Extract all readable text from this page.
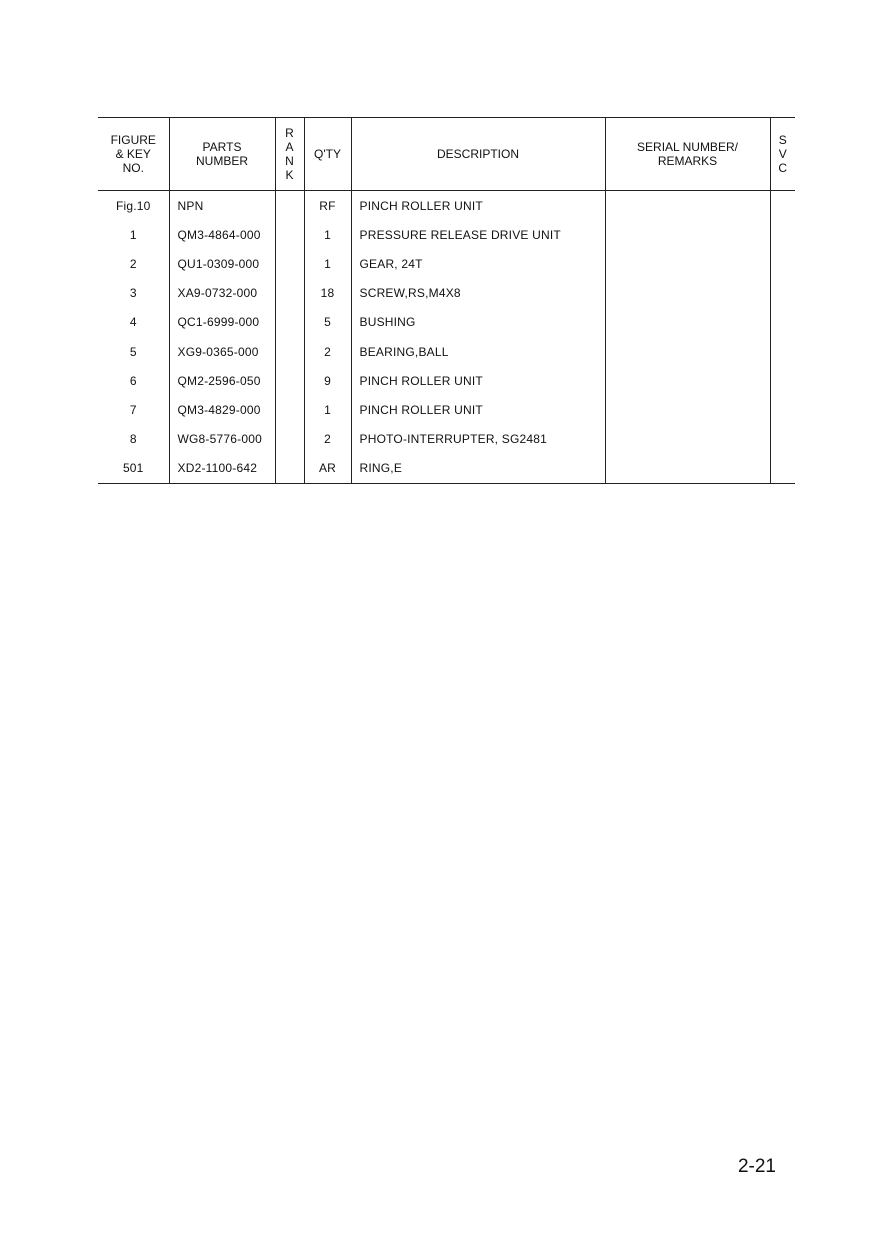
FIGURE
& KEY
NO.	PARTS
NUMBER	R
A
N
K	Q'TY	DESCRIPTION	SERIAL NUMBER/
REMARKS	S
V
C

Fig.10	NPN		RF	PINCH ROLLER UNIT		
1	QM3-4864-000		1	PRESSURE RELEASE DRIVE UNIT		
2	QU1-0309-000		1	GEAR, 24T		
3	XA9-0732-000		18	SCREW,RS,M4X8		
4	QC1-6999-000		5	BUSHING		
5	XG9-0365-000		2	BEARING,BALL		
6	QM2-2596-050		9	PINCH ROLLER UNIT		
7	QM3-4829-000		1	PINCH ROLLER UNIT		
8	WG8-5776-000		2	PHOTO-INTERRUPTER, SG2481		
501	XD2-1100-642		AR	RING,E		
2-21
